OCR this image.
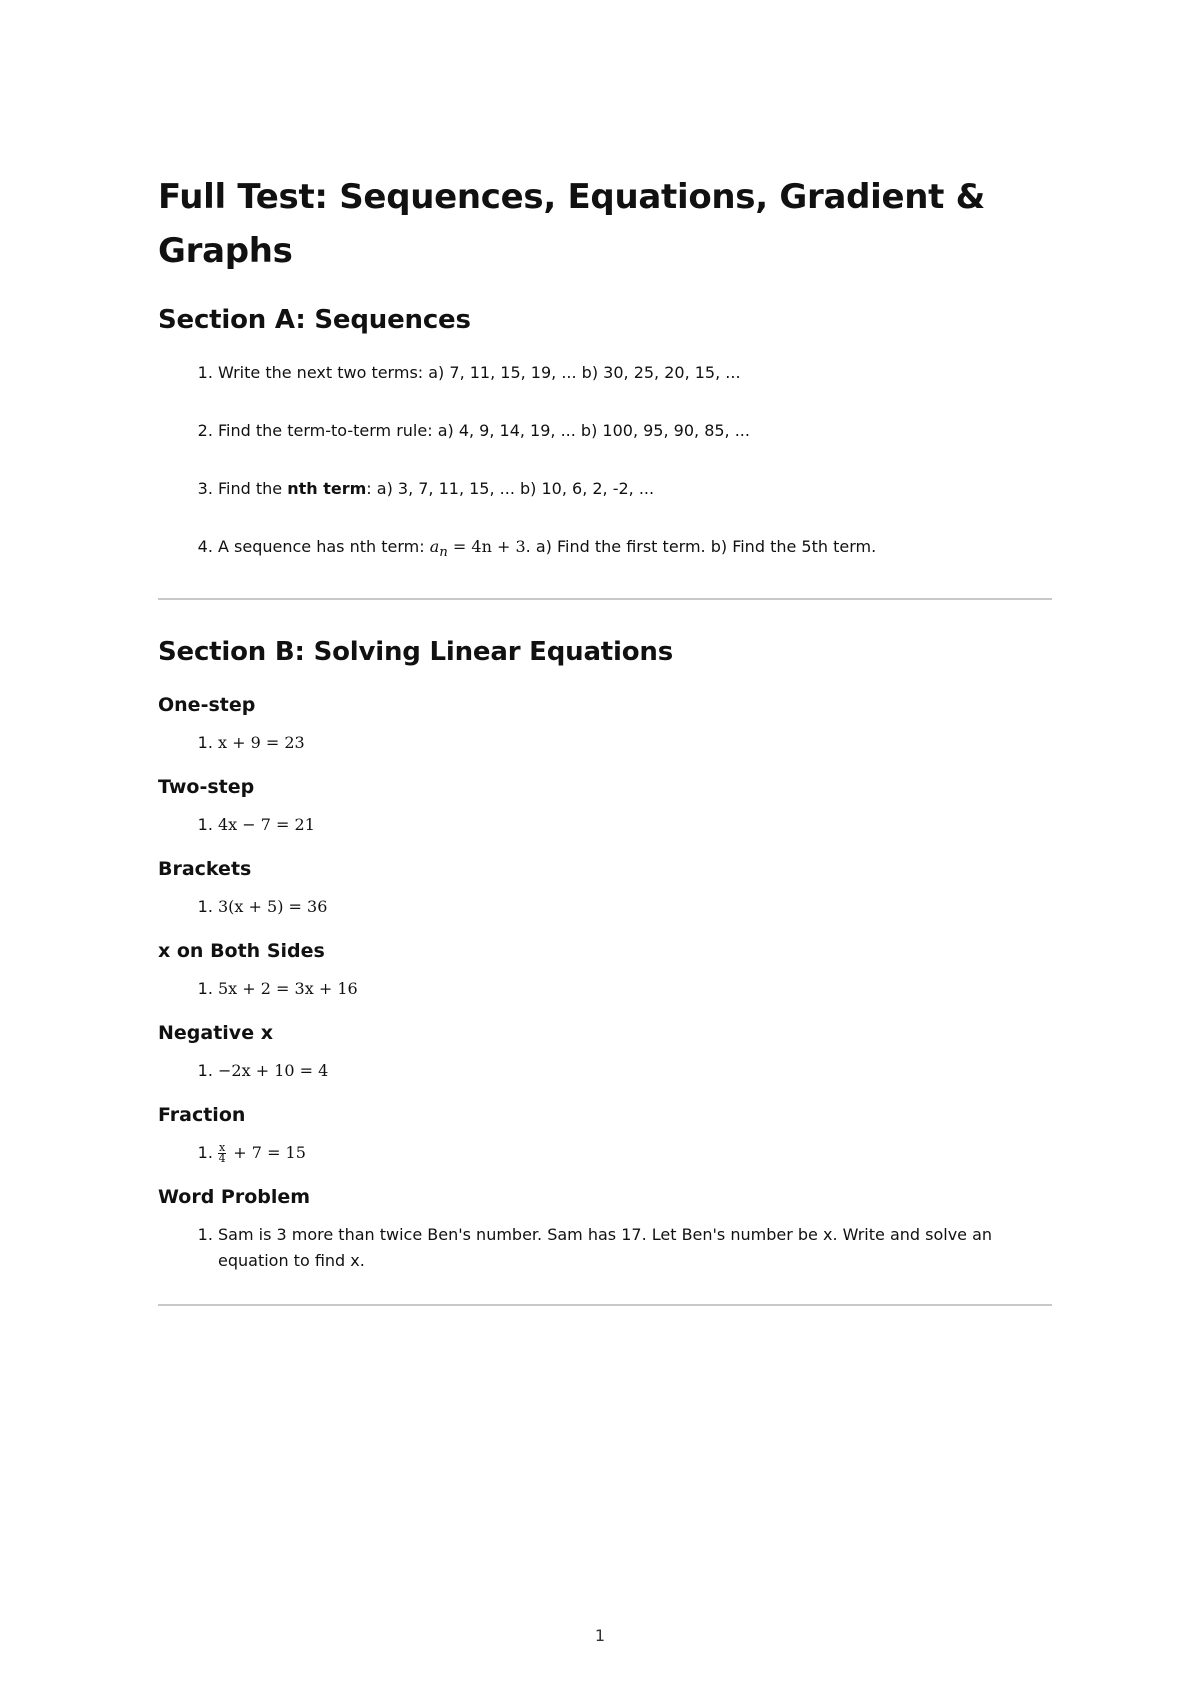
Full Test: Sequences, Equations, Gradient & Graphs
Section A: Sequences
1. Write the next two terms: a) 7, 11, 15, 19, ... b) 30, 25, 20, 15, ...
2. Find the term-to-term rule: a) 4, 9, 14, 19, ... b) 100, 95, 90, 85, ...
3. Find the nth term: a) 3, 7, 11, 15, ... b) 10, 6, 2, -2, ...
4. A sequence has nth term: $a_n = 4n + 3$. a) Find the first term. b) Find the 5th term.
Section B: Solving Linear Equations
One-step
1. x + 9 = 23
Two-step
1. 4x − 7 = 21
Brackets
1. 3(x + 5) = 36
x on Both Sides
1. 5x + 2 = 3x + 16
Negative x
1. −2x + 10 = 4
Fraction
1. $\frac{x}{4} + 7 = 15$
Word Problem
1. Sam is 3 more than twice Ben's number. Sam has 17. Let Ben's number be x. Write and solve an equation to find x.
1
